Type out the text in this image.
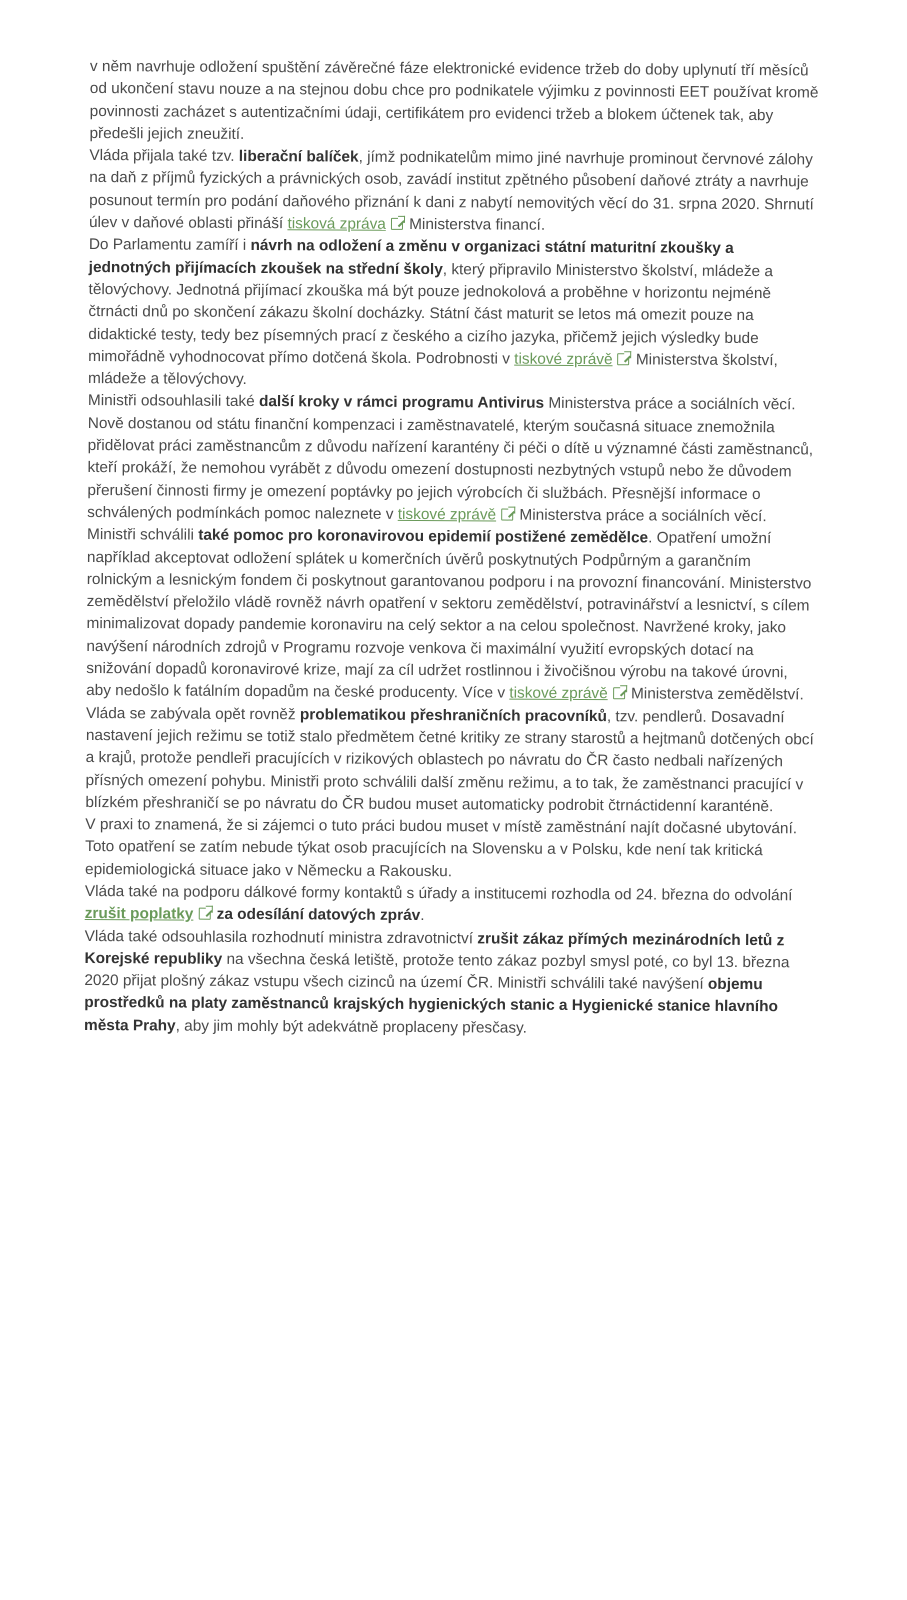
v něm navrhuje odložení spuštění závěrečné fáze elektronické evidence tržeb do doby uplynutí tří měsíců od ukončení stavu nouze a na stejnou dobu chce pro podnikatele výjimku z povinnosti EET používat kromě povinnosti zacházet s autentizačními údaji, certifikátem pro evidenci tržeb a blokem účtenek tak, aby předešli jejich zneužití.

Vláda přijala také tzv. liberační balíček, jímž podnikatelům mimo jiné navrhuje prominout červnové zálohy na daň z příjmů fyzických a právnických osob, zavádí institut zpětného působení daňové ztráty a navrhuje posunout termín pro podání daňového přiznání k dani z nabytí nemovitých věcí do 31. srpna 2020. Shrnutí úlev v daňové oblasti přináší tisková zpráva Ministerstva financí.

Do Parlamentu zamíří i návrh na odložení a změnu v organizaci státní maturitní zkoušky a jednotných přijímacích zkoušek na střední školy, který připravilo Ministerstvo školství, mládeže a tělovýchovy. Jednotná přijímací zkouška má být pouze jednokolová a proběhne v horizontu nejméně čtrnácti dnů po skončení zákazu školní docházky. Státní část maturit se letos má omezit pouze na didaktické testy, tedy bez písemných prací z českého a cizího jazyka, přičemž jejich výsledky bude mimořádně vyhodnocovat přímo dotčená škola. Podrobnosti v tiskové zprávě Ministerstva školství, mládeže a tělovýchovy.

Ministři odsouhlasili také další kroky v rámci programu Antivirus Ministerstva práce a sociálních věcí. Nově dostanou od státu finanční kompenzaci i zaměstnavatelé, kterým současná situace znemožnila přidělovat práci zaměstnancům z důvodu nařízení karantény či péči o dítě u významné části zaměstnanců, kteří prokáží, že nemohou vyrábět z důvodu omezení dostupnosti nezbytných vstupů nebo že důvodem přerušení činnosti firmy je omezení poptávky po jejich výrobcích či službách. Přesnější informace o schválených podmínkách pomoc naleznete v tiskové zprávě Ministerstva práce a sociálních věcí.

Ministři schválili také pomoc pro koronavirovou epidemií postižené zemědělce. Opatření umožní například akceptovat odložení splátek u komerčních úvěrů poskytnutých Podpůrným a garančním rolnickým a lesnickým fondem či poskytnout garantovanou podporu i na provozní financování. Ministerstvo zemědělství přeložilo vládě rovněž návrh opatření v sektoru zemědělství, potravinářství a lesnictví, s cílem minimalizovat dopady pandemie koronaviru na celý sektor a na celou společnost. Navržené kroky, jako navýšení národních zdrojů v Programu rozvoje venkova či maximální využití evropských dotací na snižování dopadů koronavirové krize, mají za cíl udržet rostlinnou i živočišnou výrobu na takové úrovni, aby nedošlo k fatálním dopadům na české producenty. Více v tiskové zprávě Ministerstva zemědělství.

Vláda se zabývala opět rovněž problematikou přeshraničních pracovníků, tzv. pendlerů. Dosavadní nastavení jejich režimu se totiž stalo předmětem četné kritiky ze strany starostů a hejtmanů dotčených obcí a krajů, protože pendleři pracujících v rizikových oblastech po návratu do ČR často nedbali nařízených přísných omezení pohybu. Ministři proto schválili další změnu režimu, a to tak, že zaměstnanci pracující v blízkém přeshraničí se po návratu do ČR budou muset automaticky podrobit čtrnáctidenní karanténě.

V praxi to znamená, že si zájemci o tuto práci budou muset v místě zaměstnání najít dočasné ubytování. Toto opatření se zatím nebude týkat osob pracujících na Slovensku a v Polsku, kde není tak kritická epidemiologická situace jako v Německu a Rakousku.

Vláda také na podporu dálkové formy kontaktů s úřady a institucemi rozhodla od 24. března do odvolání zrušit poplatky za odesílání datových zpráv.

Vláda také odsouhlasila rozhodnutí ministra zdravotnictví zrušit zákaz přímých mezinárodních letů z Korejské republiky na všechna česká letiště, protože tento zákaz pozbyl smysl poté, co byl 13. března 2020 přijat plošný zákaz vstupu všech cizinců na území ČR. Ministři schválili také navýšení objemu prostředků na platy zaměstnanců krajských hygienických stanic a Hygienické stanice hlavního města Prahy, aby jim mohly být adekvátně proplaceny přesčasy.
